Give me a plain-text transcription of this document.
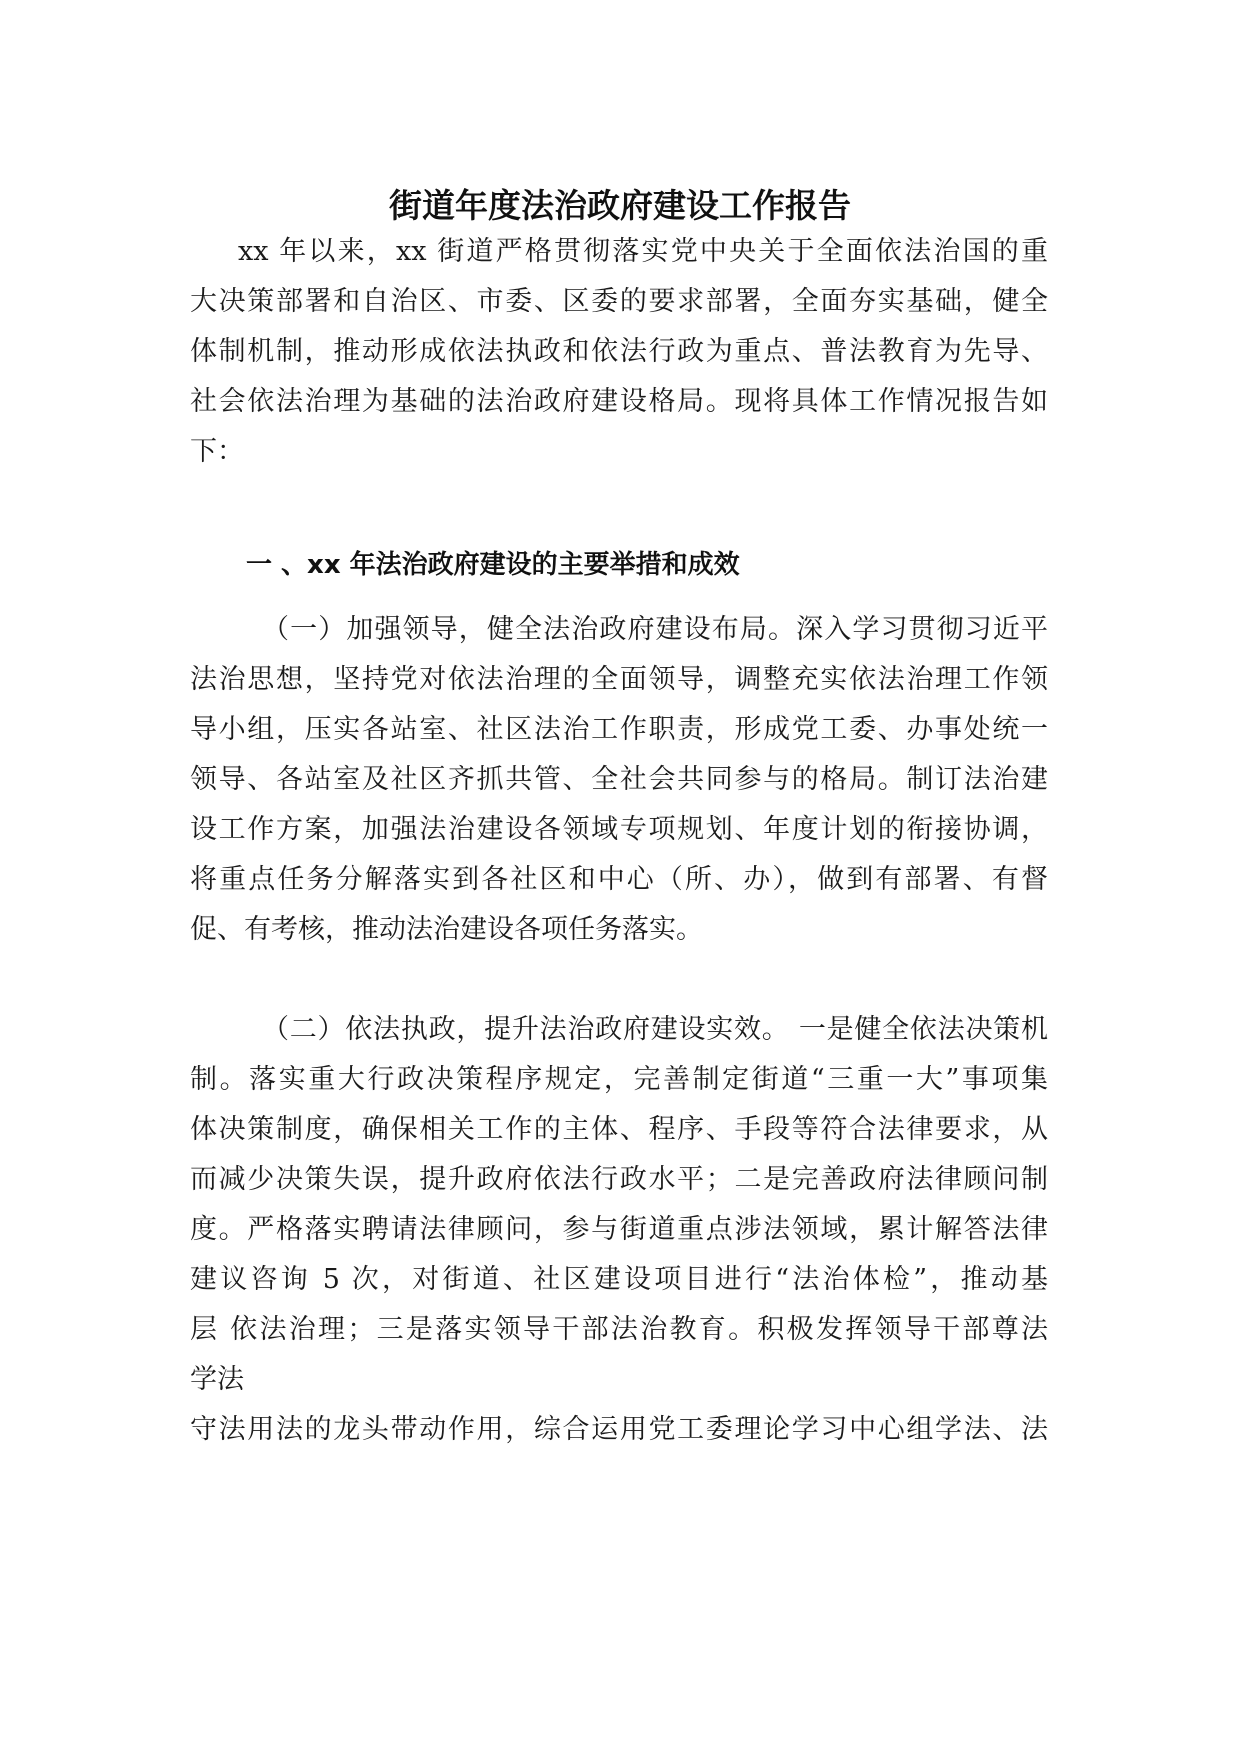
街道年度法治政府建设工作报告
xx 年以来，xx 街道严格贯彻落实党中央关于全面依法治国的重
大决策部署和自治区、市委、区委的要求部署，全面夯实基础，健全
体制机制，推动形成依法执政和依法行政为重点、普法教育为先导、
社会依法治理为基础的法治政府建设格局。现将具体工作情况报告如
下：
一 、xx 年法治政府建设的主要举措和成效
（一）加强领导，健全法治政府建设布局。深入学习贯彻习近平
法治思想，坚持党对依法治理的全面领导，调整充实依法治理工作领
导小组，压实各站室、社区法治工作职责，形成党工委、办事处统一
领导、各站室及社区齐抓共管、全社会共同参与的格局。制订法治建
设工作方案，加强法治建设各领域专项规划、年度计划的衔接协调，
将重点任务分解落实到各社区和中心（所、办），做到有部署、有督
促、有考核，推动法治建设各项任务落实。
（二）依法执政，提升法治政府建设实效。 一是健全依法决策机
制。落实重大行政决策程序规定，完善制定街道“三重一大”事项集
体决策制度，确保相关工作的主体、程序、手段等符合法律要求，从
而减少决策失误，提升政府依法行政水平；二是完善政府法律顾问制
度。严格落实聘请法律顾问，参与街道重点涉法领域，累计解答法律
建议咨询 5 次，对街道、社区建设项目进行“法治体检”，推动基
层 依法治理；三是落实领导干部法治教育。积极发挥领导干部尊法
学法
守法用法的龙头带动作用，综合运用党工委理论学习中心组学法、法
